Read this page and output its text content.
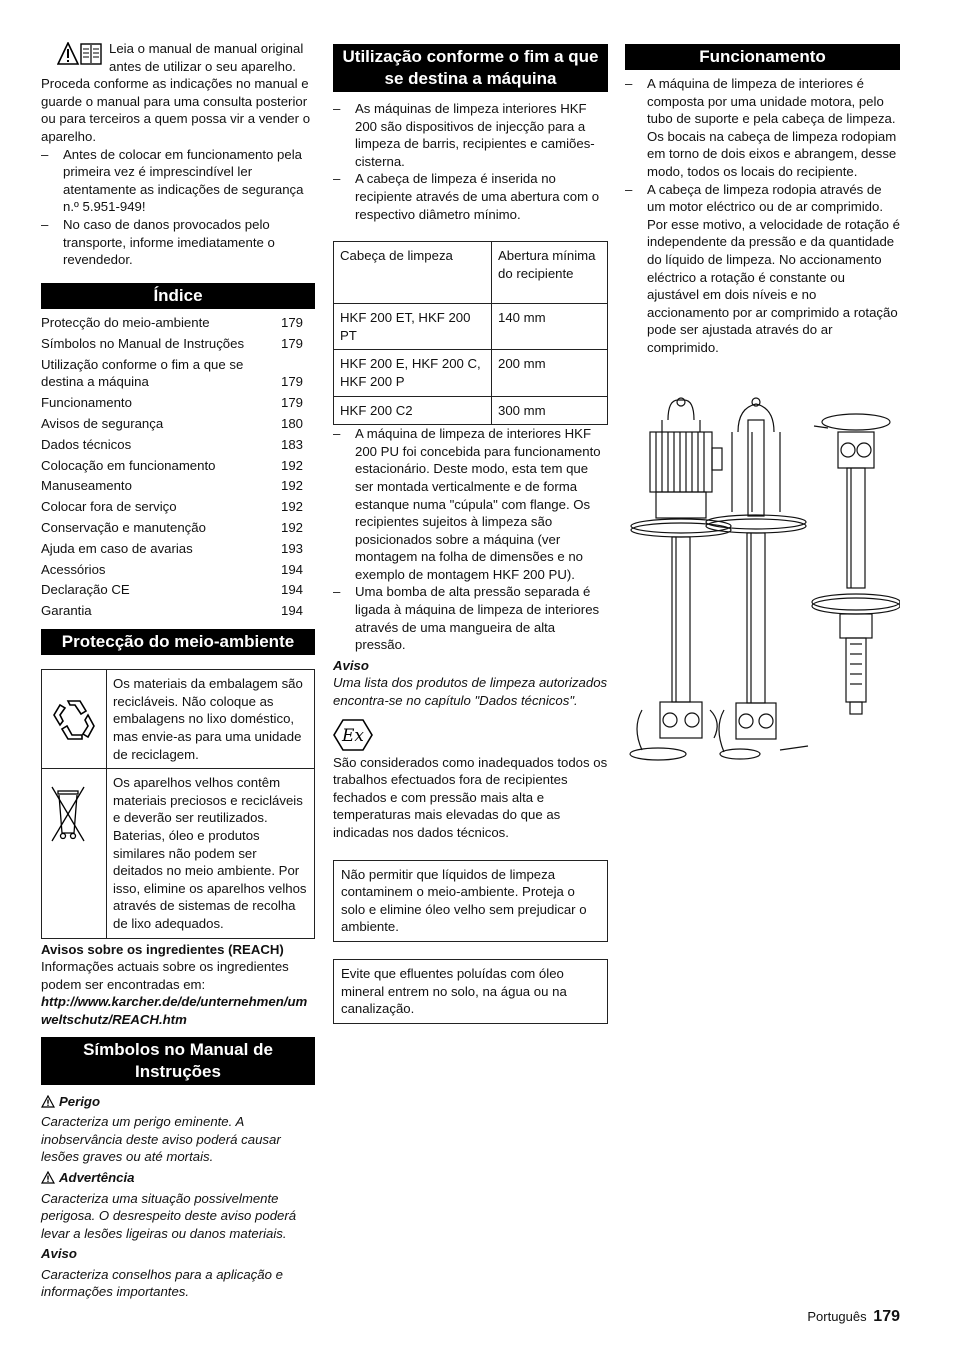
Leia o manual de manual original antes de utilizar o seu aparelho. Proceda conforme as indicações no manual e guarde o manual para uma consulta posterior ou para terceiros a quem possa vir a vender o aparelho.

– Antes de colocar em funcionamento pela primeira vez é imprescindível ler atentamente as indicações de segurança n.º 5.951-949!

– No caso de danos provocados pelo transporte, informe imediatamente o revendedor.

Índice
Protecção do meio-ambiente	179
Símbolos no Manual de Instruções	179
Utilização conforme o fim a que se destina a máquina	179
Funcionamento	179
Avisos de segurança	180
Dados técnicos	183
Colocação em funcionamento	192
Manuseamento	192
Colocar fora de serviço	192
Conservação e manutenção	192
Ajuda em caso de avarias	193
Acessórios	194
Declaração CE	194
Garantia	194
Protecção do meio-ambiente
	Os materiais da embalagem são recicláveis. Não coloque as embalagens no lixo doméstico, mas envie-as para uma unidade de reciclagem.

	Os aparelhos velhos contêm materiais preciosos e recicláveis e deverão ser reutilizados. Baterias, óleo e produtos similares não podem ser deitados no meio ambiente. Por isso, elimine os aparelhos velhos através de sistemas de recolha de lixo adequados.

Avisos sobre os ingredientes (REACH)

Informações actuais sobre os ingredientes podem ser encontradas em:

http://www.karcher.de/de/unternehmen/umweltschutz/REACH.htm

Símbolos no Manual de Instruções

Perigo

Caracteriza um perigo eminente. A inobservância deste aviso poderá causar lesões graves ou até mortais.

Advertência

Caracteriza uma situação possivelmente perigosa. O desrespeito deste aviso poderá levar a lesões ligeiras ou danos materiais.

Aviso

Caracteriza conselhos para a aplicação e informações importantes.

Utilização conforme o fim a que se destina a máquina

– As máquinas de limpeza interiores HKF 200 são dispositivos de injecção para a limpeza de barris, recipientes e camiões-cisterna.

– A cabeça de limpeza é inserida no recipiente através de uma abertura com o respectivo diâmetro mínimo.

Cabeça de limpeza	Abertura mínima do recipiente
HKF 200 ET, HKF 200 PT	140 mm
HKF 200 E, HKF 200 C, HKF 200 P	200 mm
HKF 200 C2	300 mm

– A máquina de limpeza de interiores HKF 200 PU foi concebida para funcionamento estacionário. Deste modo, esta tem que ser montada verticalmente e de forma estanque numa "cúpula" com flange. Os recipientes sujeitos à limpeza são posicionados sobre a máquina (ver montagem na folha de dimensões e no exemplo de montagem HKF 200 PU).

– Uma bomba de alta pressão separada é ligada à máquina de limpeza de interiores através de uma mangueira de alta pressão.

Aviso

Uma lista dos produtos de limpeza autorizados encontra-se no capítulo "Dados técnicos".

Ex

São considerados como inadequados todos os trabalhos efectuados fora de recipientes fechados e com pressão mais alta e temperaturas mais elevadas do que as indicadas nos dados técnicos.

Não permitir que líquidos de limpeza contaminem o meio-ambiente. Proteja o solo e elimine óleo velho sem prejudicar o ambiente.

Evite que efluentes poluídas com óleo mineral entrem no solo, na água ou na canalização.

Funcionamento

– A máquina de limpeza de interiores é composta por uma unidade motora, pelo tubo de suporte e pela cabeça de limpeza. Os bocais na cabeça de limpeza rodopiam em torno de dois eixos e abrangem, desse modo, todos os locais do recipiente.

– A cabeça de limpeza rodopia através de um motor eléctrico ou de ar comprimido. Por esse motivo, a velocidade de rotação é independente da pressão e da quantidade do líquido de limpeza. No accionamento eléctrico a rotação é constante ou ajustável em dois níveis e no accionamento por ar comprimido a rotação pode ser ajustada através do ar comprimido.

Português 179
